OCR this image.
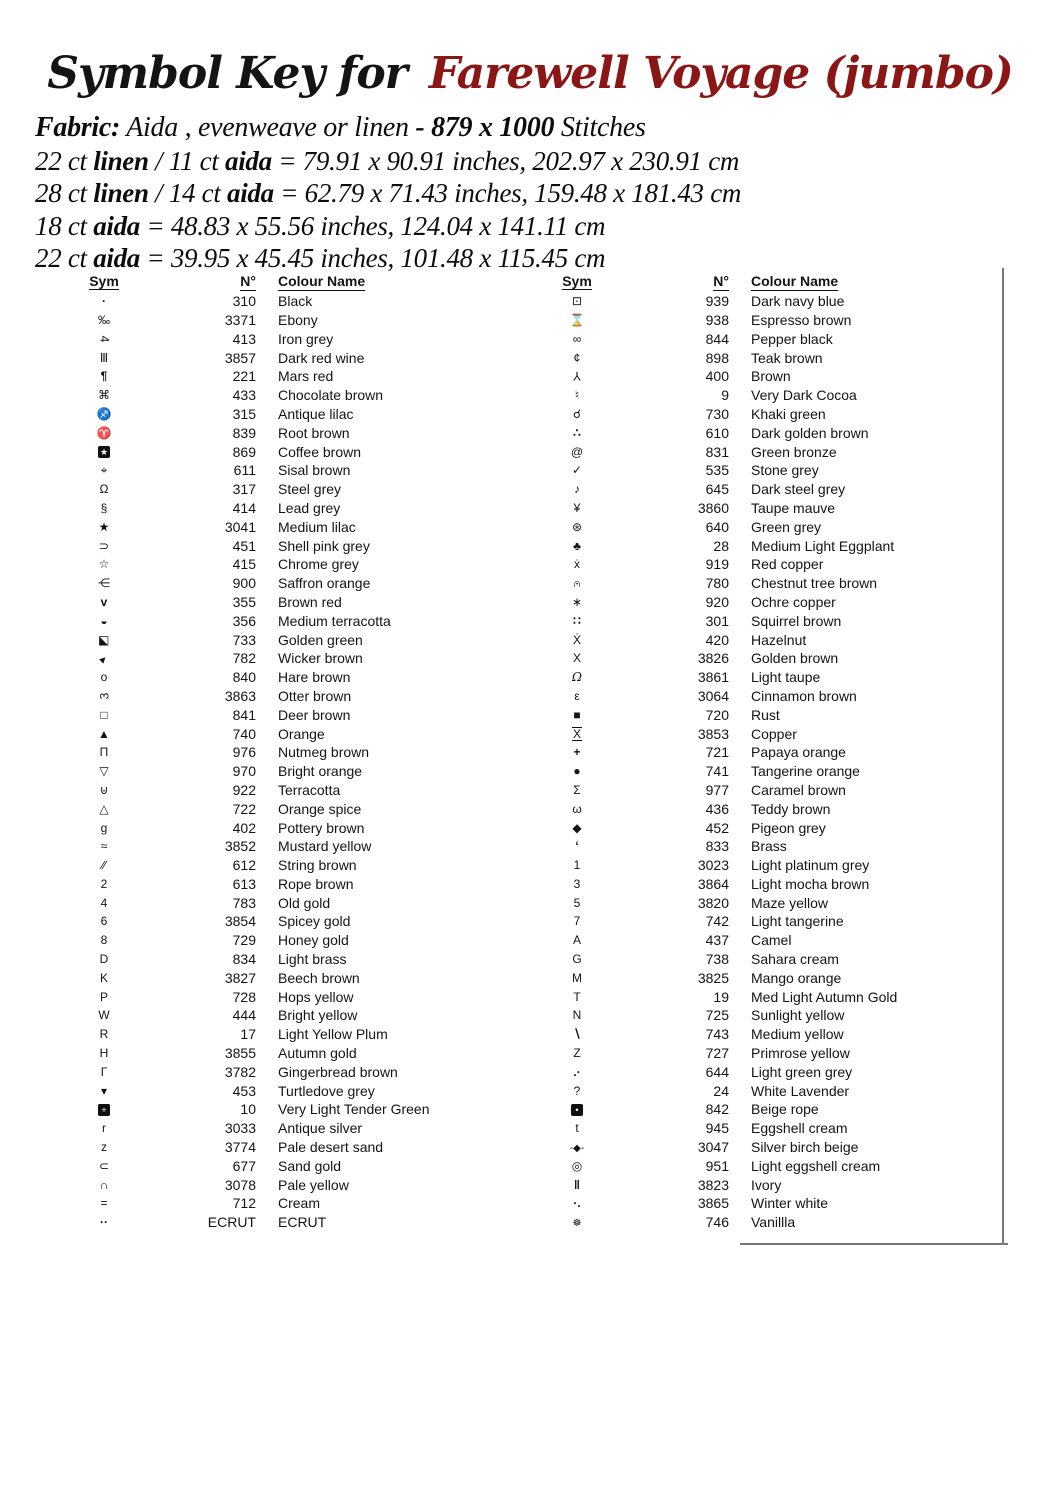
Symbol Key for Farewell Voyage (jumbo)
Fabric: Aida , evenweave or linen - 879 x 1000 Stitches
22 ct linen / 11 ct aida = 79.91 x 90.91 inches, 202.97 x 230.91 cm
28 ct linen / 14 ct aida = 62.79 x 71.43 inches, 159.48 x 181.43 cm
18 ct aida = 48.83 x 55.56 inches, 124.04 x 141.11 cm
22 ct aida = 39.95 x 45.45 inches, 101.48 x 115.45 cm
Sym	N°	Colour Name
·	310	Black
‰	3371	Ebony
4	413	Iron grey
Ⅲ	3857	Dark red wine
¶	221	Mars red
⌘	433	Chocolate brown
♐	315	Antique lilac
♈	839	Root brown
★	869	Coffee brown
⌖	611	Sisal brown
Ω	317	Steel grey
§	414	Lead grey
★	3041	Medium lilac
⊃	451	Shell pink grey
☆	415	Chrome grey
⋲	900	Saffron orange
ᴠ	355	Brown red
◒	356	Medium terracotta
◪	733	Golden green
►	782	Wicker brown
o	840	Hare brown
3	3863	Otter brown
□	841	Deer brown
▲	740	Orange
Π	976	Nutmeg brown
▽	970	Bright orange
⊍	922	Terracotta
△	722	Orange spice
g	402	Pottery brown
≈	3852	Mustard yellow
∕∕	612	String brown
2	613	Rope brown
4	783	Old gold
6	3854	Spicey gold
8	729	Honey gold
D	834	Light brass
K	3827	Beech brown
P	728	Hops yellow
W	444	Bright yellow
R	17	Light Yellow Plum
H	3855	Autumn gold
Γ	3782	Gingerbread brown
▾	453	Turtledove grey
+	10	Very Light Tender Green
r	3033	Antique silver
z	3774	Pale desert sand
⊂	677	Sand gold
∩	3078	Pale yellow
=	712	Cream
··	ECRUT	ECRUT
Sym	N°	Colour Name
⊡	939	Dark navy blue
⌛	938	Espresso brown
∞	844	Pepper black
¢	898	Teak brown
Y	400	Brown
♮	9	Very Dark Cocoa
☌	730	Khaki green
∴	610	Dark golden brown
@	831	Green bronze
✓	535	Stone grey
♪	645	Dark steel grey
¥	3860	Taupe mauve
⊛	640	Green grey
♣	28	Medium Light Eggplant
ẋ	919	Red copper
∩ •	780	Chestnut tree brown
∗	920	Ochre copper
∷	301	Squirrel brown
Ẋ	420	Hazelnut
X	3826	Golden brown
Ω	3861	Light taupe
ε	3064	Cinnamon brown
■	720	Rust
X	3853	Copper
+	721	Papaya orange
●	741	Tangerine orange
Σ	977	Caramel brown
ω	436	Teddy brown
◆	452	Pigeon grey
‘	833	Brass
1	3023	Light platinum grey
3	3864	Light mocha brown
5	3820	Maze yellow
7	742	Light tangerine
A	437	Camel
G	738	Sahara cream
M	3825	Mango orange
T	19	Med Light Autumn Gold
N	725	Sunlight yellow
∖	743	Medium yellow
Z	727	Primrose yellow
.·	644	Light green grey
?	24	White Lavender
•	842	Beige rope
t	945	Eggshell cream
-◆-	3047	Silver birch beige
◎	951	Light eggshell cream
ǁ	3823	Ivory
·.	3865	Winter white
☸	746	Vanillla
